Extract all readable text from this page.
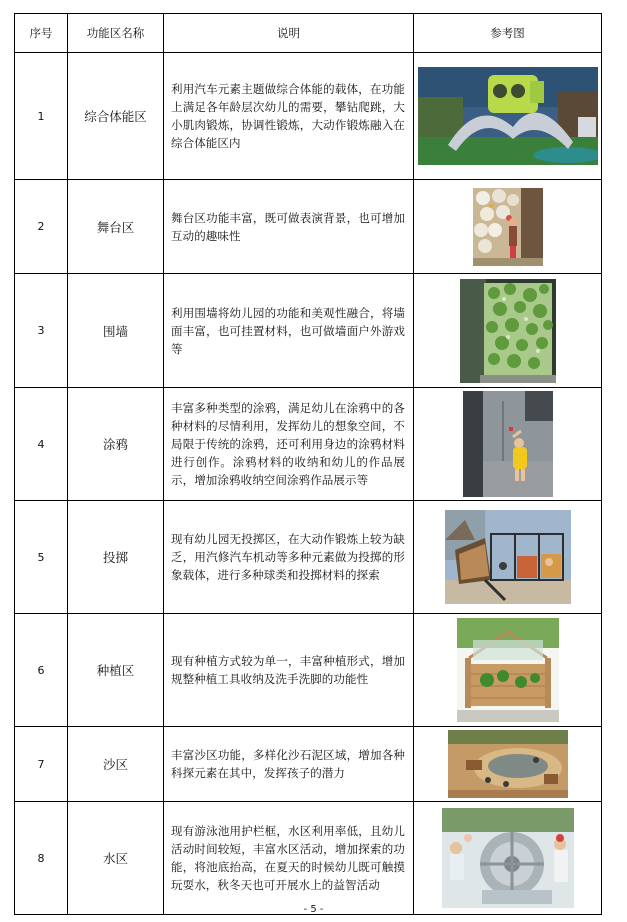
序号	功能区名称	说明	参考图
1	综合体能区	利用汽车元素主题做综合体能的载体，在功能上满足各年龄层次幼儿的需要，攀钻爬跳，大小肌肉锻炼，协调性锻炼，大动作锻炼融入在综合体能区内	

2	舞台区	舞台区功能丰富，既可做表演背景，也可增加互动的趣味性	

3	围墙	利用围墙将幼儿园的功能和美观性融合，将墙面丰富，也可挂置材料，也可做墙面户外游戏等	

4	涂鸦	丰富多种类型的涂鸦，满足幼儿在涂鸦中的各种材料的尽情利用，发挥幼儿的想象空间，不局限于传统的涂鸦，还可利用身边的涂鸦材料进行创作。涂鸦材料的收纳和幼儿的作品展示，增加涂鸦收纳空间涂鸦作品展示等	

5	投掷	现有幼儿园无投掷区，在大动作锻炼上较为缺乏，用汽修汽车机动等多种元素做为投掷的形象载体，进行多种球类和投掷材料的探索	

6	种植区	现有种植方式较为单一，丰富种植形式，增加规整种植工具收纳及洗手洗脚的功能性	

7	沙区	丰富沙区功能，多样化沙石泥区域，增加各种科探元素在其中，发挥孩子的潜力	

8	水区	现有游泳池用护栏框，水区利用率低，且幼儿活动时间较短，丰富水区活动，增加探索的功能，将池底抬高，在夏天的时候幼儿既可触摸玩耍水，秋冬天也可开展水上的益智活动	
- 5 -
